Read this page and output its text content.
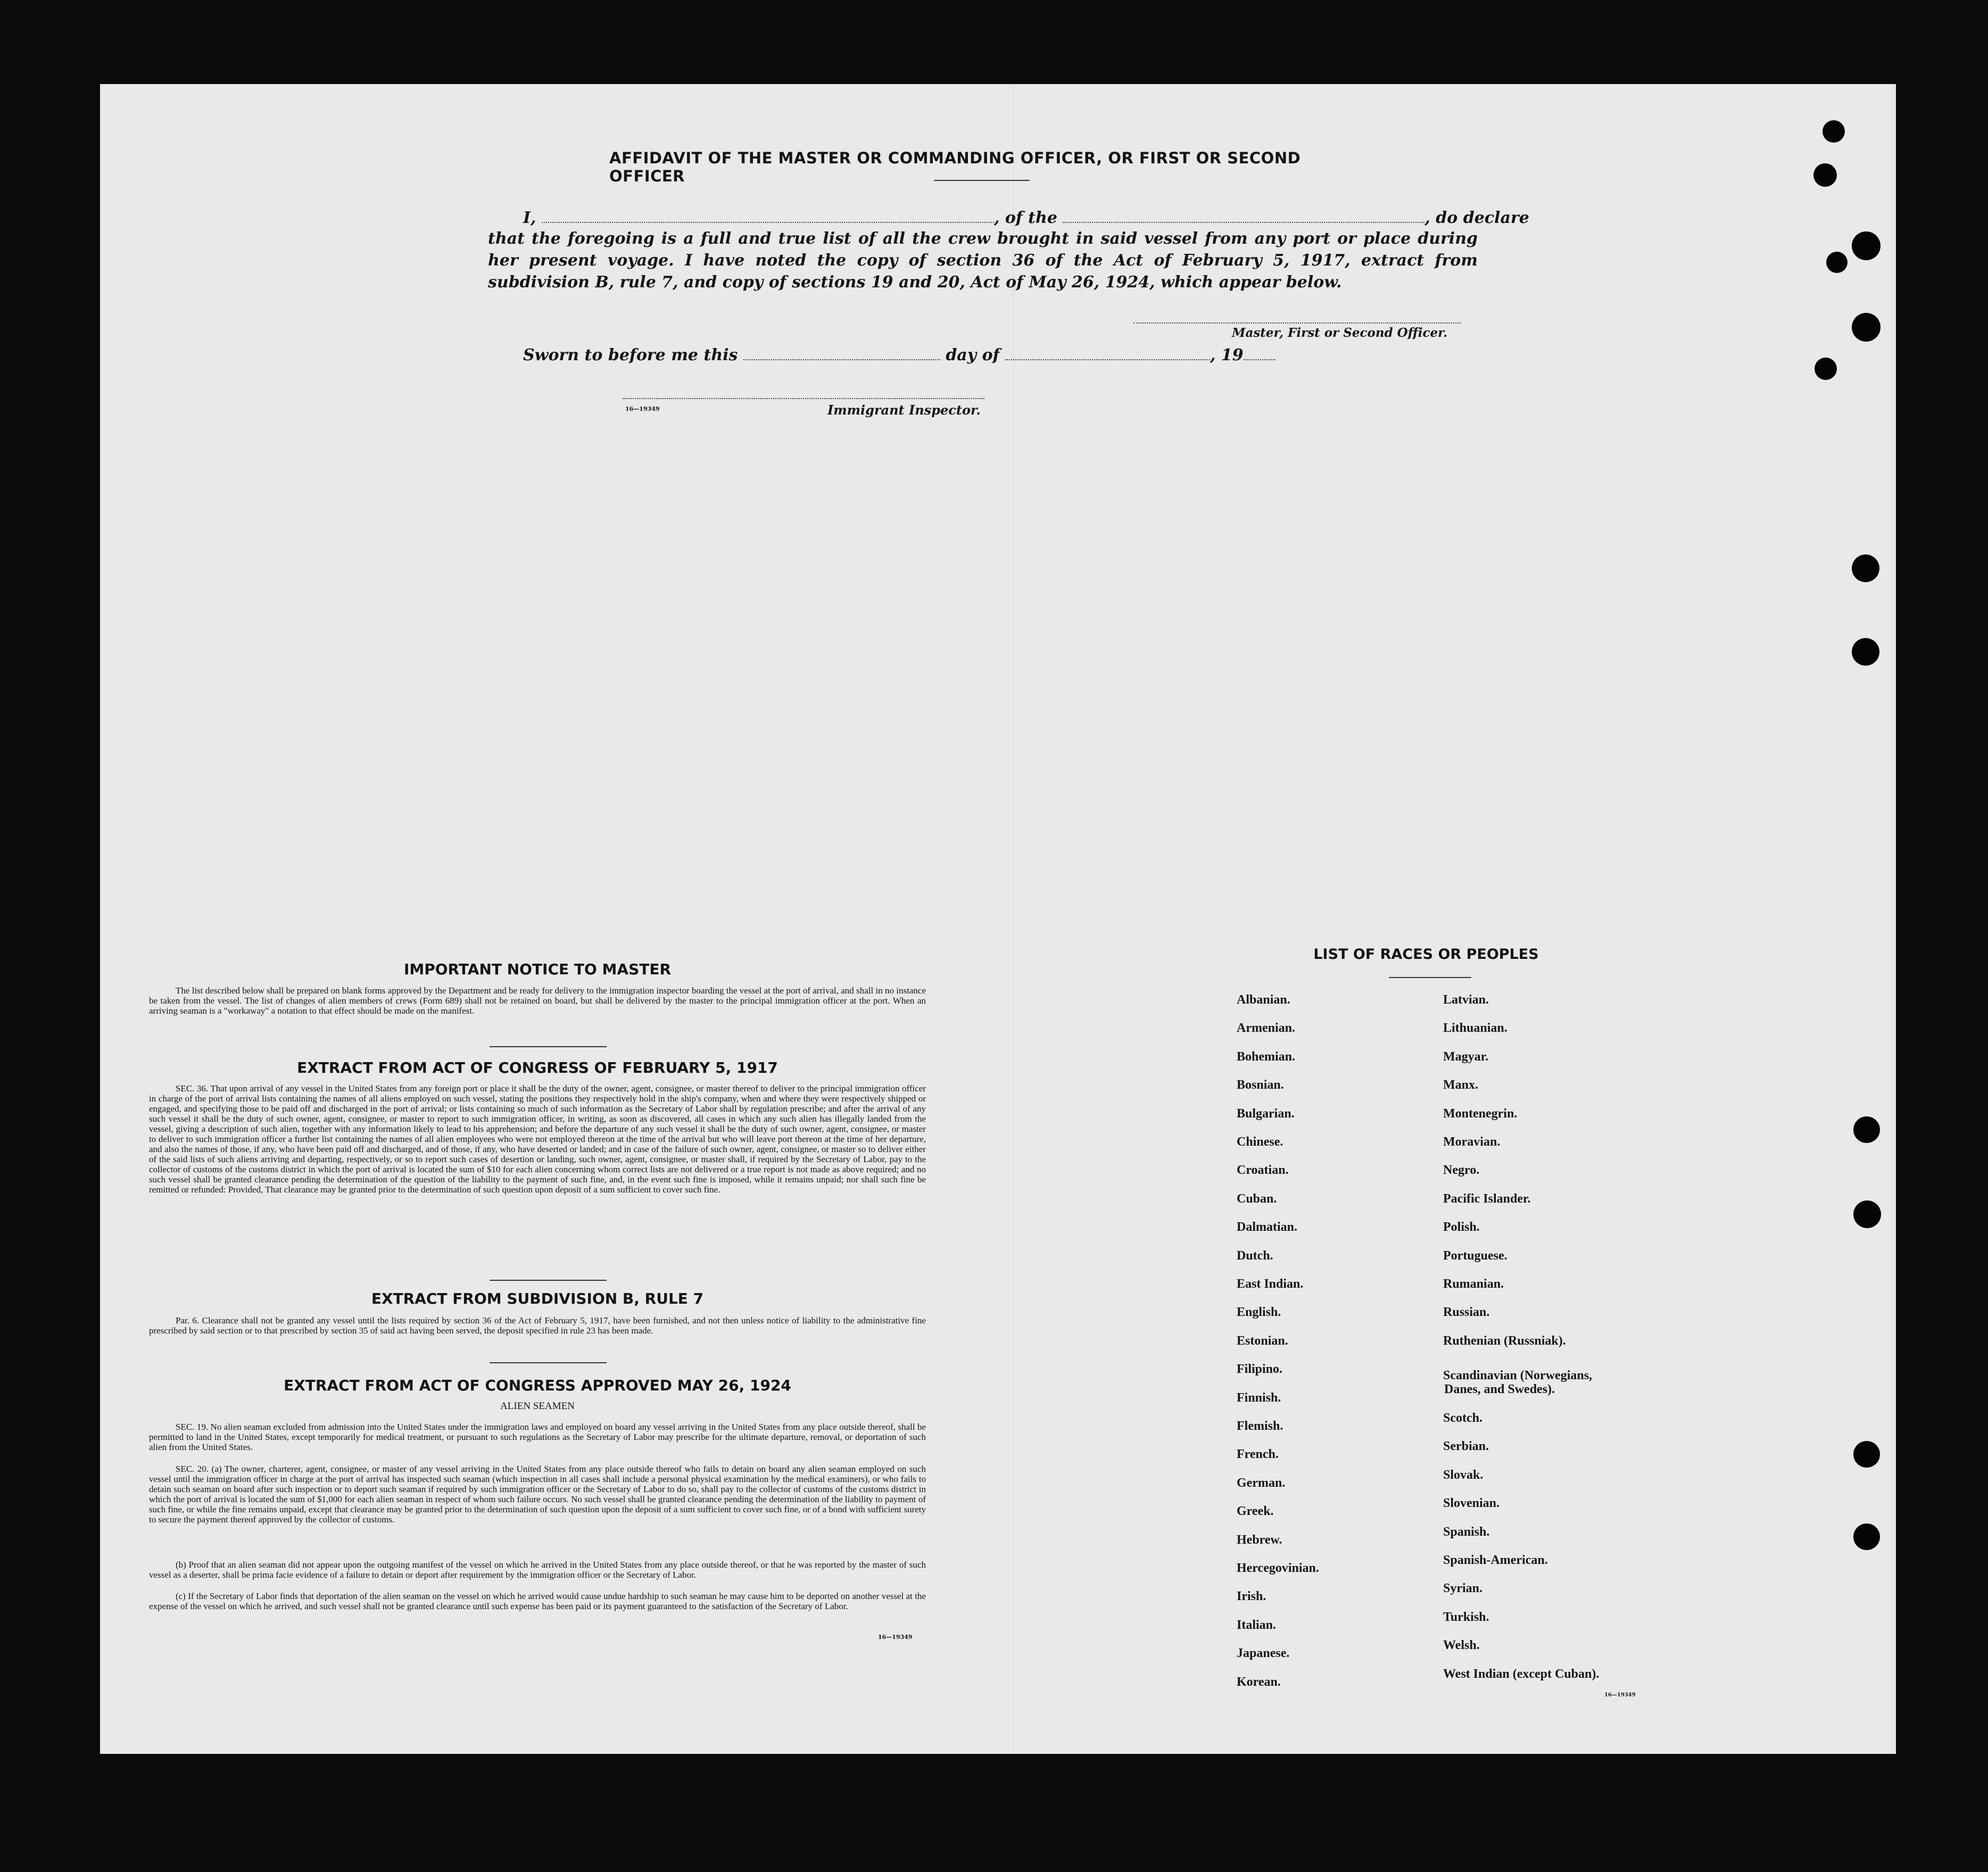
AFFIDAVIT OF THE MASTER OR COMMANDING OFFICER, OR FIRST OR SECOND OFFICER
I,	, of the	, do declare
that the foregoing is a full and true list of all the crew brought in said vessel from any port or place during her present voyage. I have noted the copy of section 36 of the Act of February 5, 1917, extract from subdivision B, rule 7, and copy of sections 19 and 20, Act of May 26, 1924, which appear below.
Master, First or Second Officer.
Sworn to before me this	day of	, 19
16—19349	Immigrant Inspector.
IMPORTANT NOTICE TO MASTER
The list described below shall be prepared on blank forms approved by the Department and be ready for delivery to the immigration inspector boarding the vessel at the port of arrival, and shall in no instance be taken from the vessel. The list of changes of alien members of crews (Form 689) shall not be retained on board, but shall be delivered by the master to the principal immigration officer at the port. When an arriving seaman is a "workaway" a notation to that effect should be made on the manifest.
EXTRACT FROM ACT OF CONGRESS OF FEBRUARY 5, 1917
SEC. 36. That upon arrival of any vessel in the United States from any foreign port or place it shall be the duty of the owner, agent, consignee, or master thereof to deliver to the principal immigration officer in charge of the port of arrival lists containing the names of all aliens employed on such vessel, stating the positions they respectively hold in the ship's company, when and where they were respectively shipped or engaged, and specifying those to be paid off and discharged in the port of arrival; or lists containing so much of such information as the Secretary of Labor shall by regulation prescribe; and after the arrival of any such vessel it shall be the duty of such owner, agent, consignee, or master to report to such immigration officer, in writing, as soon as discovered, all cases in which any such alien has illegally landed from the vessel, giving a description of such alien, together with any information likely to lead to his apprehension; and before the departure of any such vessel it shall be the duty of such owner, agent, consignee, or master to deliver to such immigration officer a further list containing the names of all alien employees who were not employed thereon at the time of the arrival but who will leave port thereon at the time of her departure, and also the names of those, if any, who have been paid off and discharged, and of those, if any, who have deserted or landed; and in case of the failure of such owner, agent, consignee, or master so to deliver either of the said lists of such aliens arriving and departing, respectively, or so to report such cases of desertion or landing, such owner, agent, consignee, or master shall, if required by the Secretary of Labor, pay to the collector of customs of the customs district in which the port of arrival is located the sum of $10 for each alien concerning whom correct lists are not delivered or a true report is not made as above required; and no such vessel shall be granted clearance pending the determination of the question of the liability to the payment of such fine, and, in the event such fine is imposed, while it remains unpaid; nor shall such fine be remitted or refunded: Provided, That clearance may be granted prior to the determination of such question upon deposit of a sum sufficient to cover such fine.
EXTRACT FROM SUBDIVISION B, RULE 7
Par. 6. Clearance shall not be granted any vessel until the lists required by section 36 of the Act of February 5, 1917, have been furnished, and not then unless notice of liability to the administrative fine prescribed by said section or to that prescribed by section 35 of said act having been served, the deposit specified in rule 23 has been made.
EXTRACT FROM ACT OF CONGRESS APPROVED MAY 26, 1924
ALIEN SEAMEN
SEC. 19. No alien seaman excluded from admission into the United States under the immigration laws and employed on board any vessel arriving in the United States from any place outside thereof, shall be permitted to land in the United States, except temporarily for medical treatment, or pursuant to such regulations as the Secretary of Labor may prescribe for the ultimate departure, removal, or deportation of such alien from the United States.
SEC. 20. (a) The owner, charterer, agent, consignee, or master of any vessel arriving in the United States from any place outside thereof who fails to detain on board any alien seaman employed on such vessel until the immigration officer in charge at the port of arrival has inspected such seaman (which inspection in all cases shall include a personal physical examination by the medical examiners), or who fails to detain such seaman on board after such inspection or to deport such seaman if required by such immigration officer or the Secretary of Labor to do so, shall pay to the collector of customs of the customs district in which the port of arrival is located the sum of $1,000 for each alien seaman in respect of whom such failure occurs. No such vessel shall be granted clearance pending the determination of the liability to payment of such fine, or while the fine remains unpaid, except that clearance may be granted prior to the determination of such question upon the deposit of a sum sufficient to cover such fine, or of a bond with sufficient surety to secure the payment thereof approved by the collector of customs.
(b) Proof that an alien seaman did not appear upon the outgoing manifest of the vessel on which he arrived in the United States from any place outside thereof, or that he was reported by the master of such vessel as a deserter, shall be prima facie evidence of a failure to detain or deport after requirement by the immigration officer or the Secretary of Labor.
(c) If the Secretary of Labor finds that deportation of the alien seaman on the vessel on which he arrived would cause undue hardship to such seaman he may cause him to be deported on another vessel at the expense of the vessel on which he arrived, and such vessel shall not be granted clearance until such expense has been paid or its payment guaranteed to the satisfaction of the Secretary of Labor.
16—19349
LIST OF RACES OR PEOPLES
Albanian.
Armenian.
Bohemian.
Bosnian.
Bulgarian.
Chinese.
Croatian.
Cuban.
Dalmatian.
Dutch.
East Indian.
English.
Estonian.
Filipino.
Finnish.
Flemish.
French.
German.
Greek.
Hebrew.
Hercegovinian.
Irish.
Italian.
Japanese.
Korean.
Latvian.
Lithuanian.
Magyar.
Manx.
Montenegrin.
Moravian.
Negro.
Pacific Islander.
Polish.
Portuguese.
Rumanian.
Russian.
Ruthenian (Russniak).
Scandinavian (Norwegians,
Danes, and Swedes).
Scotch.
Serbian.
Slovak.
Slovenian.
Spanish.
Spanish-American.
Syrian.
Turkish.
Welsh.
West Indian (except Cuban).
16—19349
